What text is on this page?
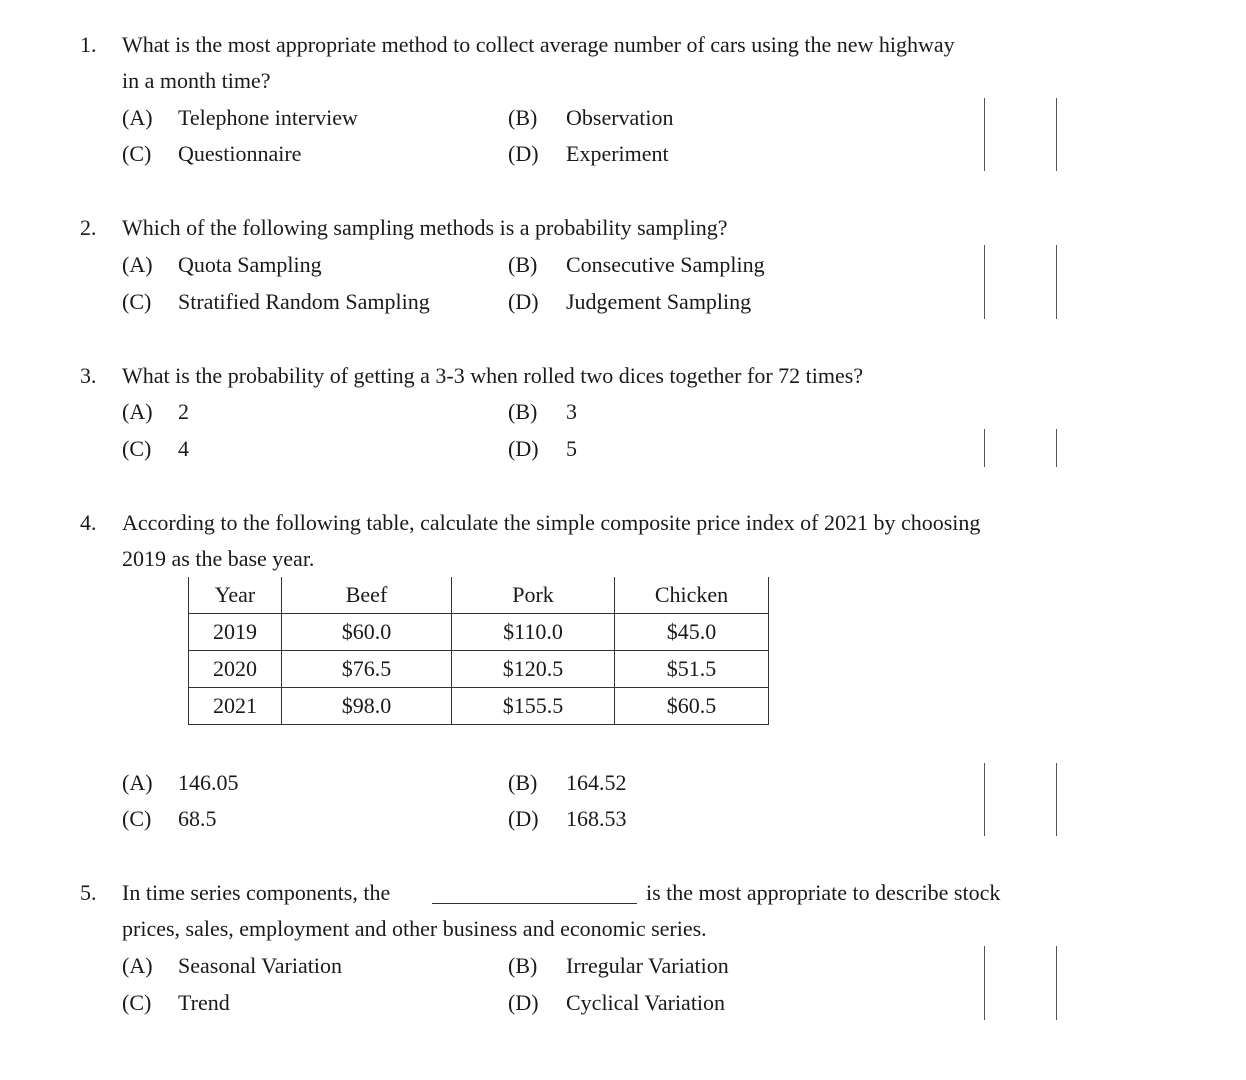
1. What is the most appropriate method to collect average number of cars using the new highway
in a month time?
(A) Telephone interview	(B) Observation
(C) Questionnaire	(D) Experiment
2. Which of the following sampling methods is a probability sampling?
(A) Quota Sampling	(B) Consecutive Sampling
(C) Stratified Random Sampling	(D) Judgement Sampling
3. What is the probability of getting a 3-3 when rolled two dices together for 72 times?
(A) 2	(B) 3
(C) 4	(D) 5
4. According to the following table, calculate the simple composite price index of 2021 by choosing
2019 as the base year.
Year	Beef	Pork	Chicken
2019	$60.0	$110.0	$45.0
2020	$76.5	$120.5	$51.5
2021	$98.0	$155.5	$60.5
(A) 146.05	(B) 164.52
(C) 68.5	(D) 168.53
5. In time series components, the	is the most appropriate to describe stock
prices, sales, employment and other business and economic series.
(A) Seasonal Variation	(B) Irregular Variation
(C) Trend	(D) Cyclical Variation
